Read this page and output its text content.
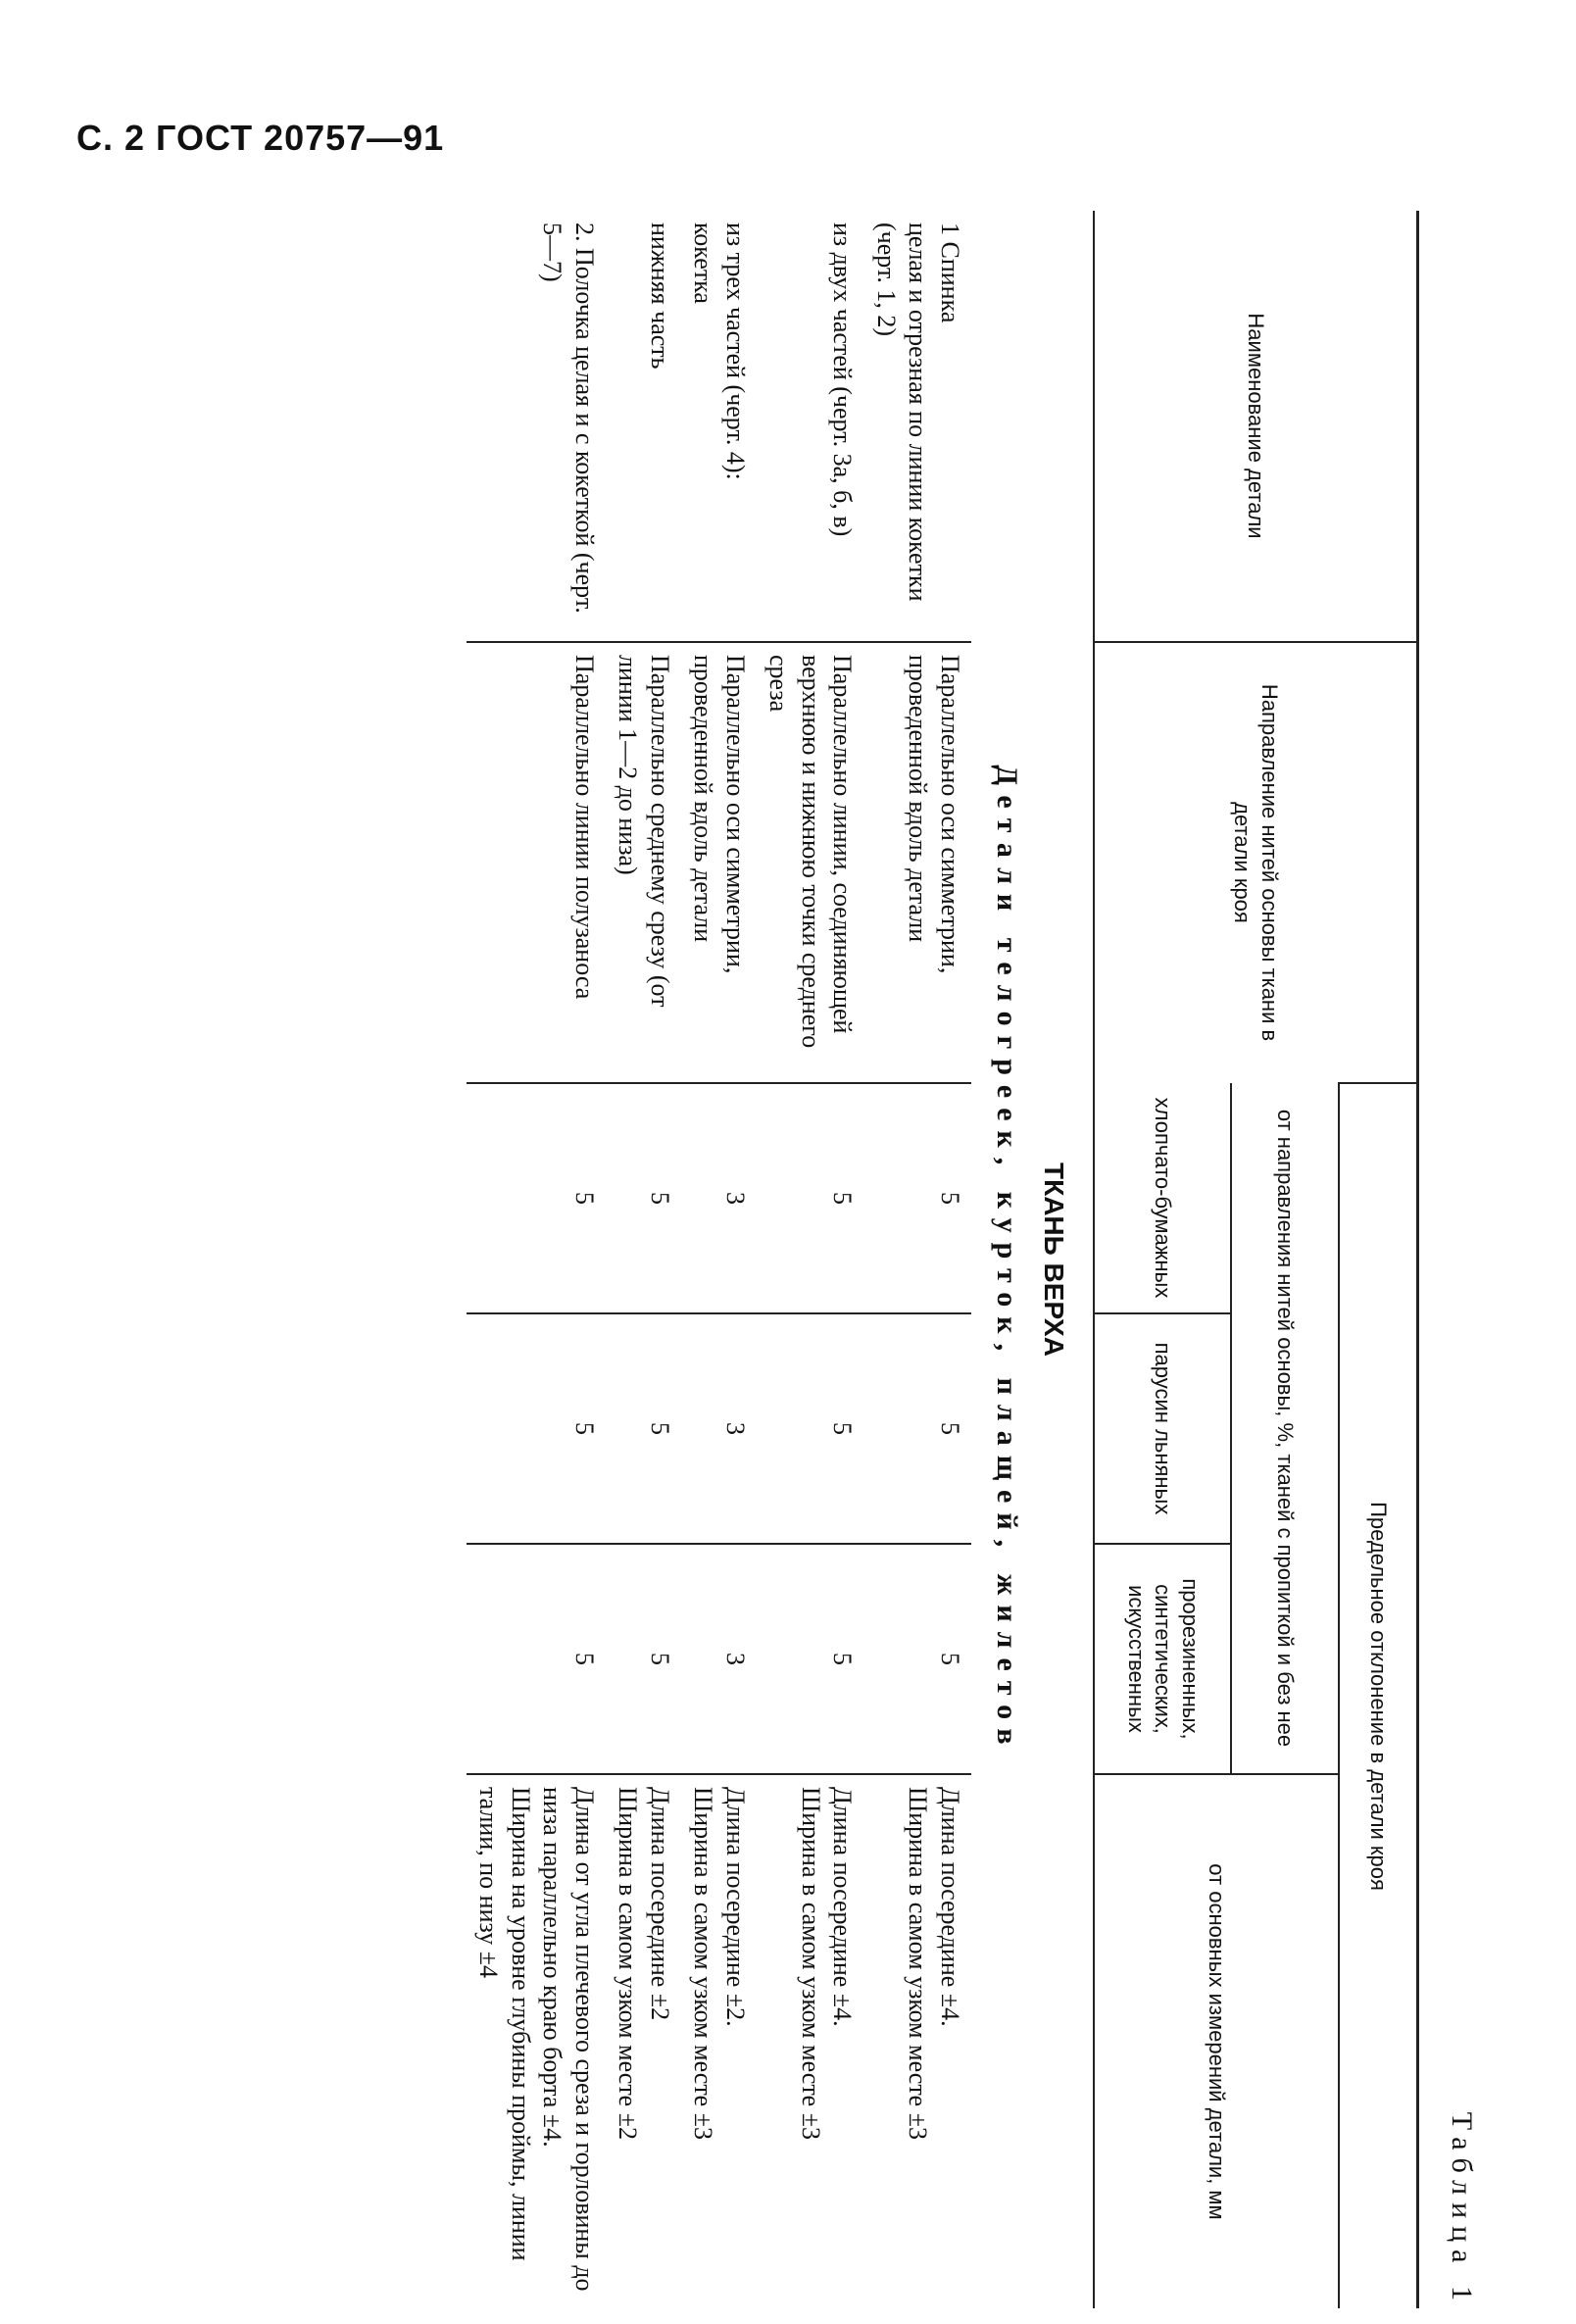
С. 2 ГОСТ 20757—91
Таблица 1
Наименование детали	Направление нитей основы ткани в детали кроя	Предельное отклонение в детали кроя			
		от направления нитей основы, %, тканей с пропиткой и без нее			от основных измерений детали, мм
		хлопчато-бумажных	парусин льняных	прорезиненных, синтетических, искусственных	
ТКАНЬ ВЕРХА					
Детали телогреек, курток, плащей, жилетов					
1 Спинка
целая и отрезная по линии кокетки (черт. 1, 2)	Параллельно оси симметрии, проведенной вдоль детали	5	5	5	Длина посередине ±4.
Ширина в самом узком месте ±3
из двух частей (черт. 3а, б, в)	Параллельно линии, соединяющей верхнюю и нижнюю точки среднего среза	5	5	5	Длина посередине ±4.
Ширина в самом узком месте ±3
из трех частей (черт. 4):
кокетка	Параллельно оси симметрии, проведенной вдоль детали	3	3	3	Длина посередине ±2.
Ширина в самом узком месте ±3
нижняя часть	Параллельно среднему срезу (от линии 1—2 до низа)	5	5	5	Длина посередине ±2
Ширина в самом узком месте ±2
2. Полочка целая и с кокеткой (черт. 5—7)	Параллельно линии полузаноса	5	5	5	Длина от угла плечевого среза и горловины до низа параллельно краю борта ±4.
Ширина на уровне глубины проймы, линии талии, по низу ±4
